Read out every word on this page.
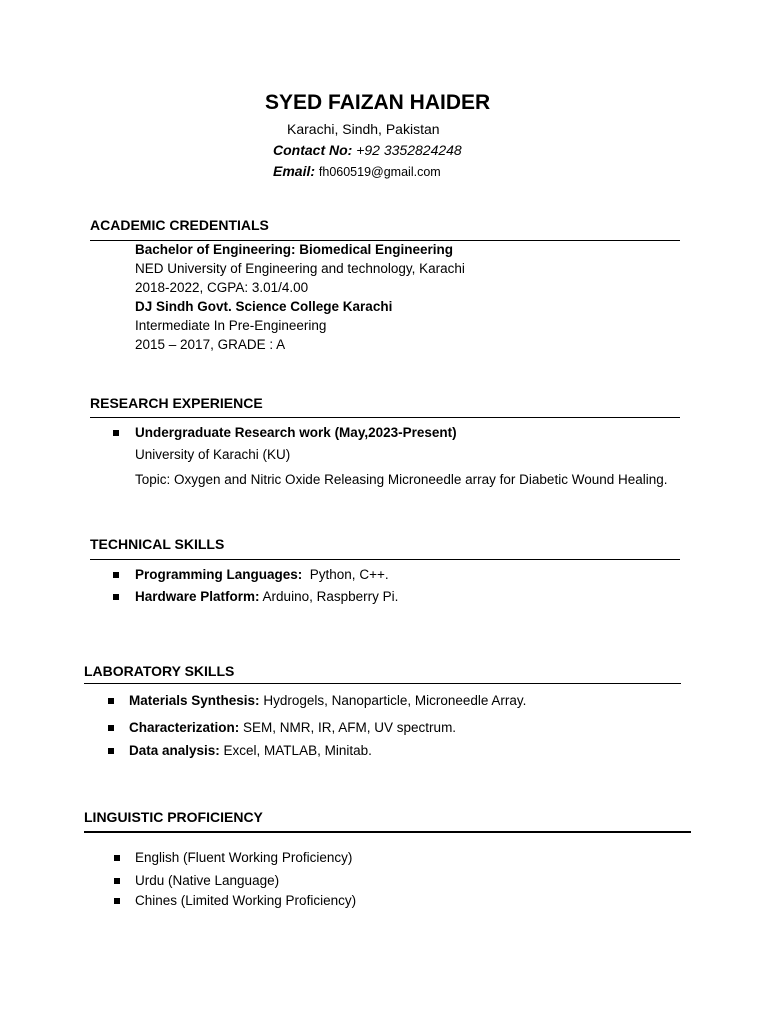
SYED FAIZAN HAIDER
Karachi, Sindh, Pakistan
Contact No: +92 3352824248
Email: fh060519@gmail.com
ACADEMIC CREDENTIALS
Bachelor of Engineering: Biomedical Engineering
NED University of Engineering and technology, Karachi
2018-2022, CGPA: 3.01/4.00
DJ Sindh Govt. Science College Karachi
Intermediate In Pre-Engineering
2015 – 2017, GRADE : A
RESEARCH EXPERIENCE
Undergraduate Research work (May,2023-Present)
University of Karachi (KU)
Topic: Oxygen and Nitric Oxide Releasing Microneedle array for Diabetic Wound Healing.
TECHNICAL SKILLS
Programming Languages:  Python, C++.
Hardware Platform: Arduino, Raspberry Pi.
LABORATORY SKILLS
Materials Synthesis: Hydrogels, Nanoparticle, Microneedle Array.
Characterization: SEM, NMR, IR, AFM, UV spectrum.
Data analysis: Excel, MATLAB, Minitab.
LINGUISTIC PROFICIENCY
English (Fluent Working Proficiency)
Urdu (Native Language)
Chines (Limited Working Proficiency)
